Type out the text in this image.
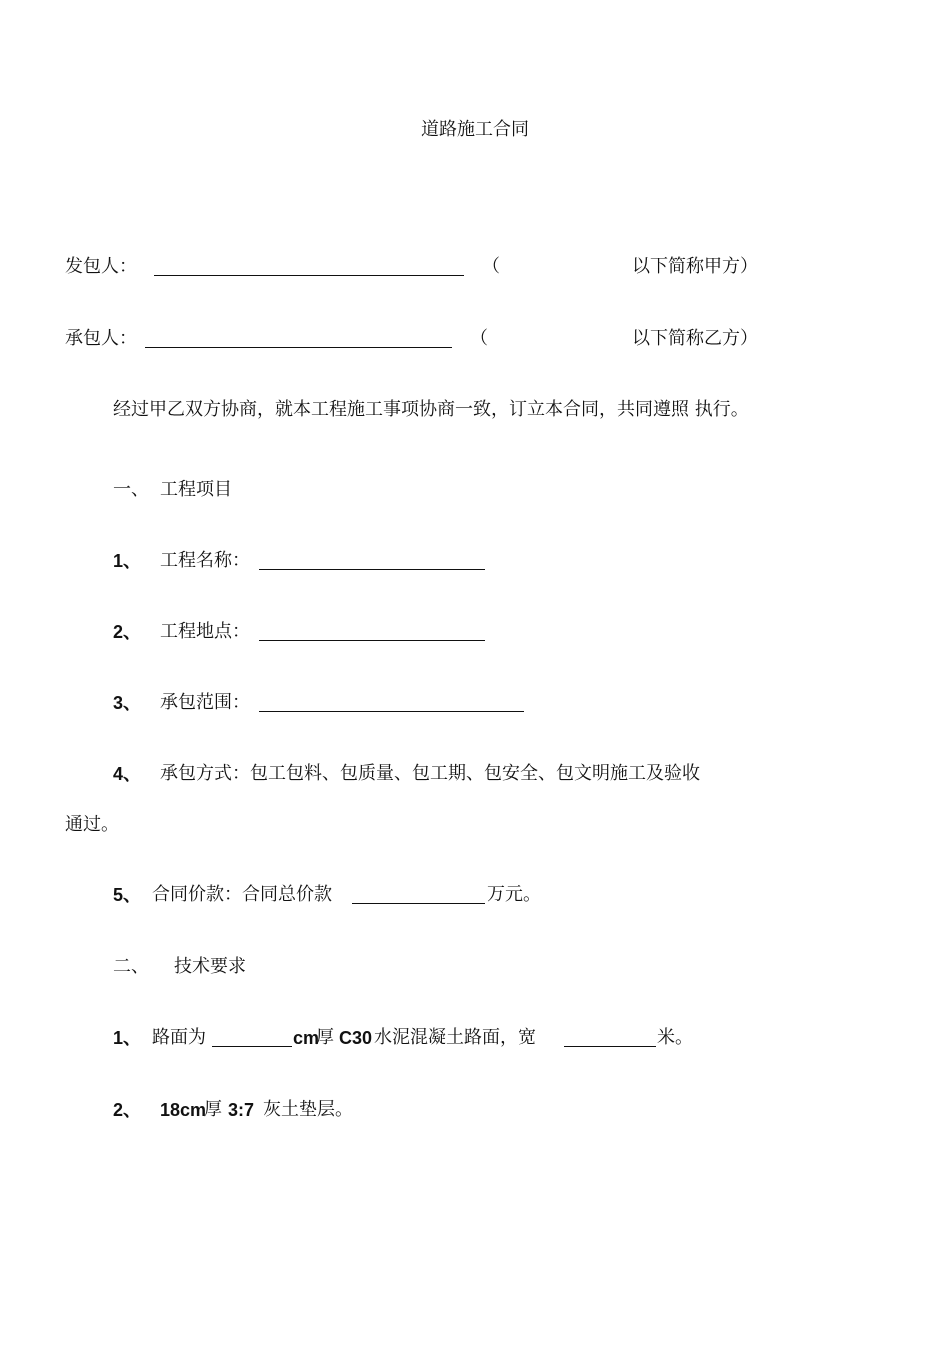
道路施工合同
发包人：	（	以下简称甲方）
承包人：	（	以下简称乙方）
经过甲乙双方协商，就本工程施工事项协商一致，订立本合同，共同遵照 执行。
一、 工程项目
1、 工程名称：
2、 工程地点：
3、 承包范围：
4、 承包方式：包工包料、包质量、包工期、包安全、包文明施工及验收
通过。
5、 合同价款：合同总价款	万元。
二、 技术要求
1、 路面为	cm
厚 C30 水泥混凝土路面，宽	米。
2、 18cm
厚 3:7 灰土垫层。
